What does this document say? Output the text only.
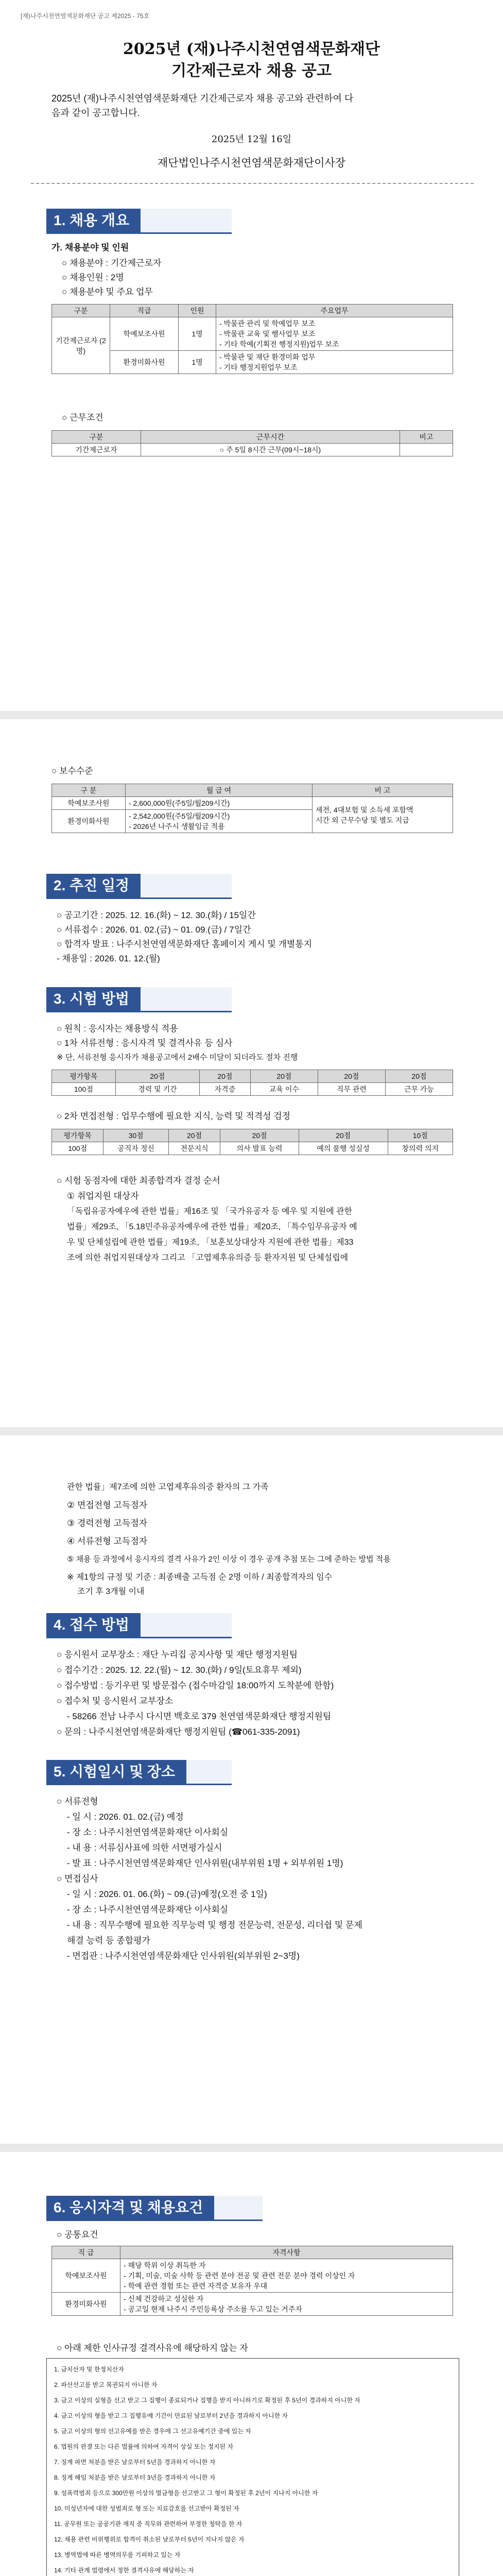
[재)나주시천연염색문화재단 공고 제2025 - 75호
2025년 (재)나주시천연염색문화재단
기간제근로자 채용 공고
2025년 (재)나주시천연염색문화재단 기간제근로자 채용 공고와 관련하여 다
음과 같이 공고합니다.
2025년 12월 16일
재단법인나주시천연염색문화재단이사장
1. 채용 개요
가. 채용분야 및 인원
○ 채용분야 : 기간제근로자
○ 채용인원 : 2명
○ 채용분야 및 주요 업무
구분	직급	인원	주요업무
기간제근로자 (2명)	학예보조사원	1명	- 박물관 관리 및 학예업무 보조
- 박물관 교육 및 행사업무 보조
- 기타 학예(기획전 행정지원)업무 보조

	환경미화사원	1명	- 박물관 및 재단 환경미화 업무
- 기타 행정지원업무 보조
○ 근무조건
구분	근무시간	비고
기간제근로자	○ 주 5일 8시간 근무(09시~18시)	
○ 보수수준
구 분	월 급 여	비 고
학예보조사원	- 2,600,000원(주5일/월209시간)	세전, 4대보험 및 소득세 포함액
시간 외 근무수당 및 별도 지급

환경미화사원	- 2,542,000원(주5일/월209시간)
- 2026년 나주시 생활임금 적용	
2. 추진 일정
○ 공고기간 : 2025. 12. 16.(화) ~ 12. 30.(화) / 15일간
○ 서류접수 : 2026. 01. 02.(금) ~ 01. 09.(금) / 7일간
○ 합격자 발표 : 나주시천연염색문화재단 홈페이지 게시 및 개별통지
- 채용일 : 2026. 01. 12.(월)
3. 시험 방법
○ 원칙 : 응시자는 채용방식 적용
○ 1차 서류전형 : 응시자격 및 결격사유 등 심사
※ 단, 서류전형 응시자가 채용공고에서 2배수 미달이 되더라도 절차 진행
평가항목	20점	20점	20점	20점	20점
100점	경력 및 기간	자격증	교육 이수	직무 관련	근무 가능
○ 2차 면접전형 : 업무수행에 필요한 지식, 능력 및 적격성 검정
평가항목	30점	20점	20점	20점	10점
100점	공직자 정신	전문지식	의사 발표 능력	예의 품행 성실성	창의력 의지
○ 시험 동점자에 대한 최종합격자 결정 순서
① 취업지원 대상자
「독립유공자예우에 관한 법률」제16조 및 「국가유공자 등 예우 및 지원에 관한
법률」제29조, 「5.18민주유공자예우에 관한 법률」제20조, 「특수임무유공자 예
우 및 단체설립에 관한 법률」제19조, 「보훈보상대상자 지원에 관한 법률」제33
조에 의한 취업지원대상자 그리고 「고엽제후유의증 등 환자지원 및 단체설립에
관한 법률」제7조에 의한 고엽제후유의증 환자의 그 가족
② 면접전형 고득점자
③ 경력전형 고득점자
④ 서류전형 고득점자
⑤ 채용 등 과정에서 응시자의 결격 사유가 2인 이상 이 경우 공개 추첨 또는 그에 준하는 방법 적용
※ 제1항의 규정 및 기준 : 최종배출 고득점 순 2명 이하 / 최종합격자의 임수
조기 후 3개월 이내
4. 접수 방법
○ 응시원서 교부장소 : 재단 누리집 공지사항 및 재단 행정지원팀
○ 접수기간 : 2025. 12. 22.(월) ~ 12. 30.(화) / 9일(토요휴무 제외)
○ 접수방법 : 등기우편 및 방문접수 (접수마감일 18:00까지 도착분에 한함)
○ 접수처 및 응시원서 교부장소
- 58266 전남 나주시 다시면 백호로 379 천연염색문화재단 행정지원팀
○ 문의 : 나주시천연염색문화재단 행정지원팀 (☎061-335-2091)
5. 시험일시 및 장소
○ 서류전형
- 일 시 : 2026. 01. 02.(금) 예정
- 장 소 : 나주시천연염색문화재단 이사회실
- 내 용 : 서류심사표에 의한 서면평가실시
- 발 표 : 나주시천연염색문화재단 인사위원(내부위원 1명 + 외부위원 1명)
○ 면접심사
- 일 시 : 2026. 01. 06.(화) ~ 09.(금)예정(오전 중 1일)
- 장 소 : 나주시천연염색문화재단 이사회실
- 내 용 : 직무수행에 필요한 직무능력 및 행정 전문능력, 전문성, 리더쉽 및 문제
해결 능력 등 종합평가
- 면접관 : 나주시천연염색문화재단 인사위원(외부위원 2~3명)
6. 응시자격 및 채용요건
○ 공통요건
직 급	자격사항
학예보조사원	- 해당 학위 이상 취득한 자
- 기획, 미술, 미술 사학 등 관련 분야 전공 및 관련 전문 분야 경력 이상인 자
- 학예 관련 경험 또는 관련 자격증 보유자 우대

환경미화사원	- 신체 건강하고 성실한 자
- 공고일 현재 나주시 주민등록상 주소를 두고 있는 거주자
○ 아래 제한 인사규정 결격사유에 해당하지 않는 자
1. 금치산자 및 한정치산자
2. 파산선고를 받고 복권되지 아니한 자
3. 금고 이상의 실형을 선고 받고 그 집행이 종료되거나 집행을 받지 아니하기로 확정된 후 5년이 경과하지 아니한 자
4. 금고 이상의 형을 받고 그 집행유예 기간이 만료된 날로부터 2년을 경과하지 아니한 자
5. 금고 이상의 형의 선고유예를 받은 경우에 그 선고유예기간 중에 있는 자
6. 법원의 판결 또는 다른 법률에 의하여 자격이 상실 또는 정지된 자
7. 징계 파면 처분을 받은 날로부터 5년을 경과하지 아니한 자
8. 징계 해임 처분을 받은 날로부터 3년을 경과하지 아니한 자
9. 성폭력범죄 등으로 300만원 이상의 벌금형을 선고받고 그 형이 확정된 후 2년이 지나지 아니한 자
10. 미성년자에 대한 성범죄로 형 또는 치료감호를 선고받아 확정된 자
11. 공무원 또는 공공기관 재직 중 직무와 관련하여 부정한 청탁을 한 자
12. 채용 관련 비위행위로 합격이 취소된 날로부터 5년이 지나지 않은 자
13. 병역법에 따른 병역의무를 기피하고 있는 자
14. 기타 관계 법령에서 정한 결격사유에 해당하는 자
